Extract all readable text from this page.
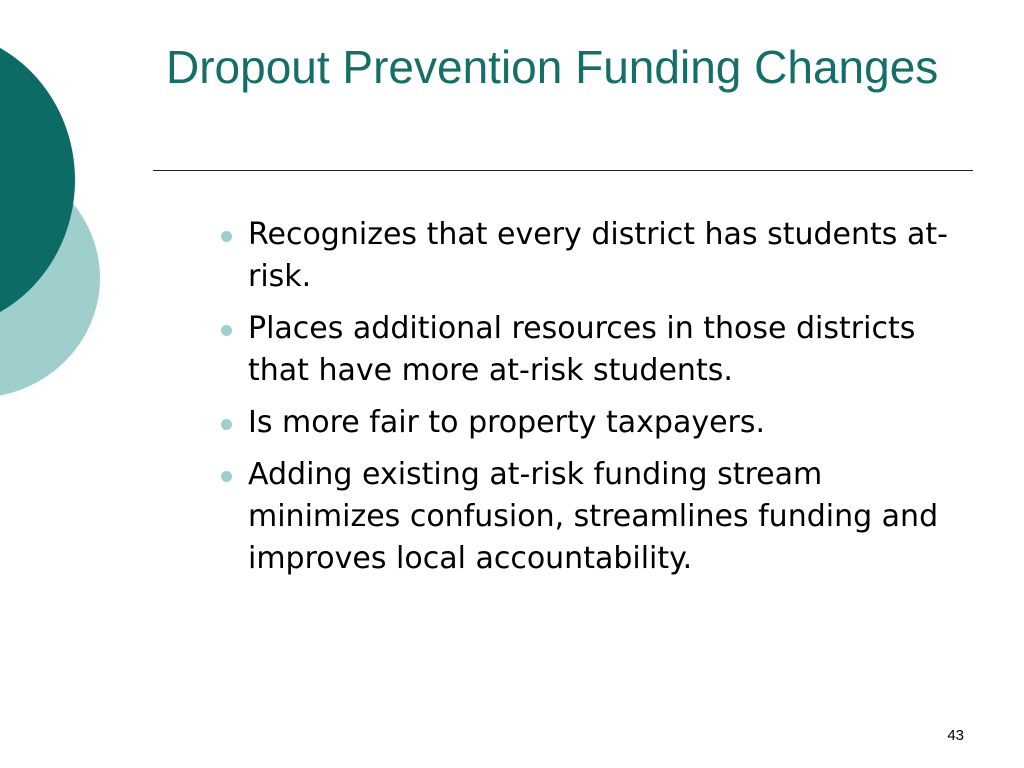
Dropout Prevention Funding Changes
Recognizes that every district has students at-risk.
Places additional resources in those districts that have more at-risk students.
Is more fair to property taxpayers.
Adding existing at-risk funding stream minimizes confusion, streamlines funding and improves local accountability.
43
